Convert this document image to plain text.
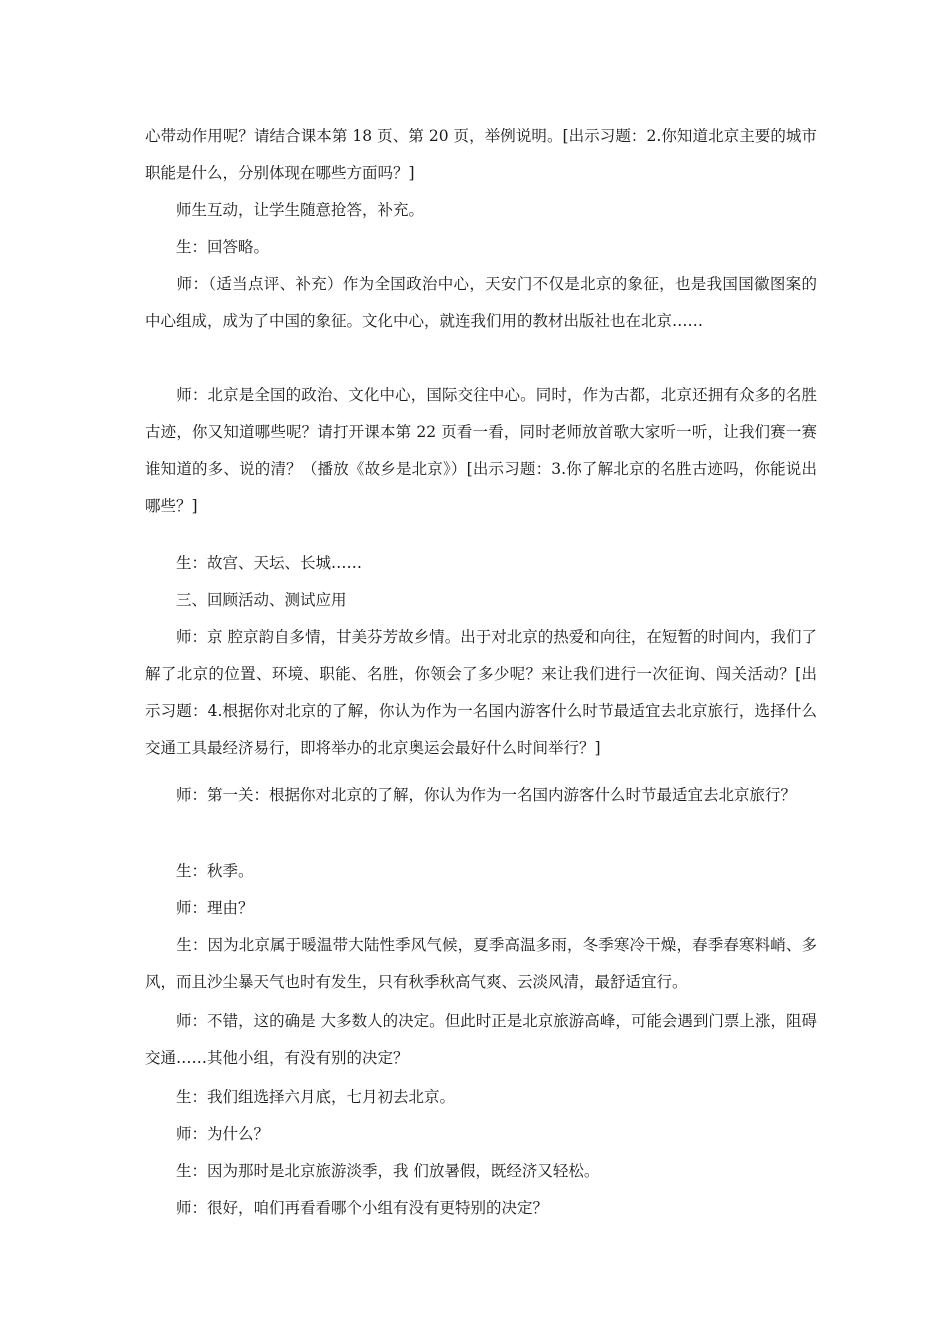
心带动作用呢？请结合课本第 18 页、第 20 页，举例说明。[出示习题：2.你知道北京主要的城市职能是什么，分别体现在哪些方面吗？]

　　师生互动，让学生随意抢答，补充。

　　生：回答略。

　　师：（适当点评、补充）作为全国政治中心，天安门不仅是北京的象征，也是我国国徽图案的中心组成，成为了中国的象征。文化中心，就连我们用的教材出版社也在北京……

　　师：北京是全国的政治、文化中心，国际交往中心。同时，作为古都，北京还拥有众多的名胜古迹，你又知道哪些呢？请打开课本第 22 页看一看，同时老师放首歌大家听一听，让我们赛一赛谁知道的多、说的清？（播放《故乡是北京》）[出示习题：3.你了解北京的名胜古迹吗，你能说出哪些？]

　　生：故宫、天坛、长城……

　　三、回顾活动、测试应用

　　师：京 腔京韵自多情，甘美芬芳故乡情。出于对北京的热爱和向往，在短暂的时间内，我们了解了北京的位置、环境、职能、名胜，你领会了多少呢？来让我们进行一次征询、闯关活动？[出示习题：4.根据你对北京的了解，你认为作为一名国内游客什么时节最适宜去北京旅行，选择什么交通工具最经济易行，即将举办的北京奥运会最好什么时间举行？]

　　师：第一关：根据你对北京的了解，你认为作为一名国内游客什么时节最适宜去北京旅行？

　　生：秋季。

　　师：理由？

　　生：因为北京属于暖温带大陆性季风气候，夏季高温多雨，冬季寒冷干燥，春季春寒料峭、多风，而且沙尘暴天气也时有发生，只有秋季秋高气爽、云淡风清，最舒适宜行。

　　师：不错，这的确是 大多数人的决定。但此时正是北京旅游高峰，可能会遇到门票上涨，阻碍交通……其他小组，有没有别的决定？

　　生：我们组选择六月底，七月初去北京。

　　师：为什么？

　　生：因为那时是北京旅游淡季，我 们放暑假，既经济又轻松。

　　师：很好，咱们再看看哪个小组有没有更特别的决定？
